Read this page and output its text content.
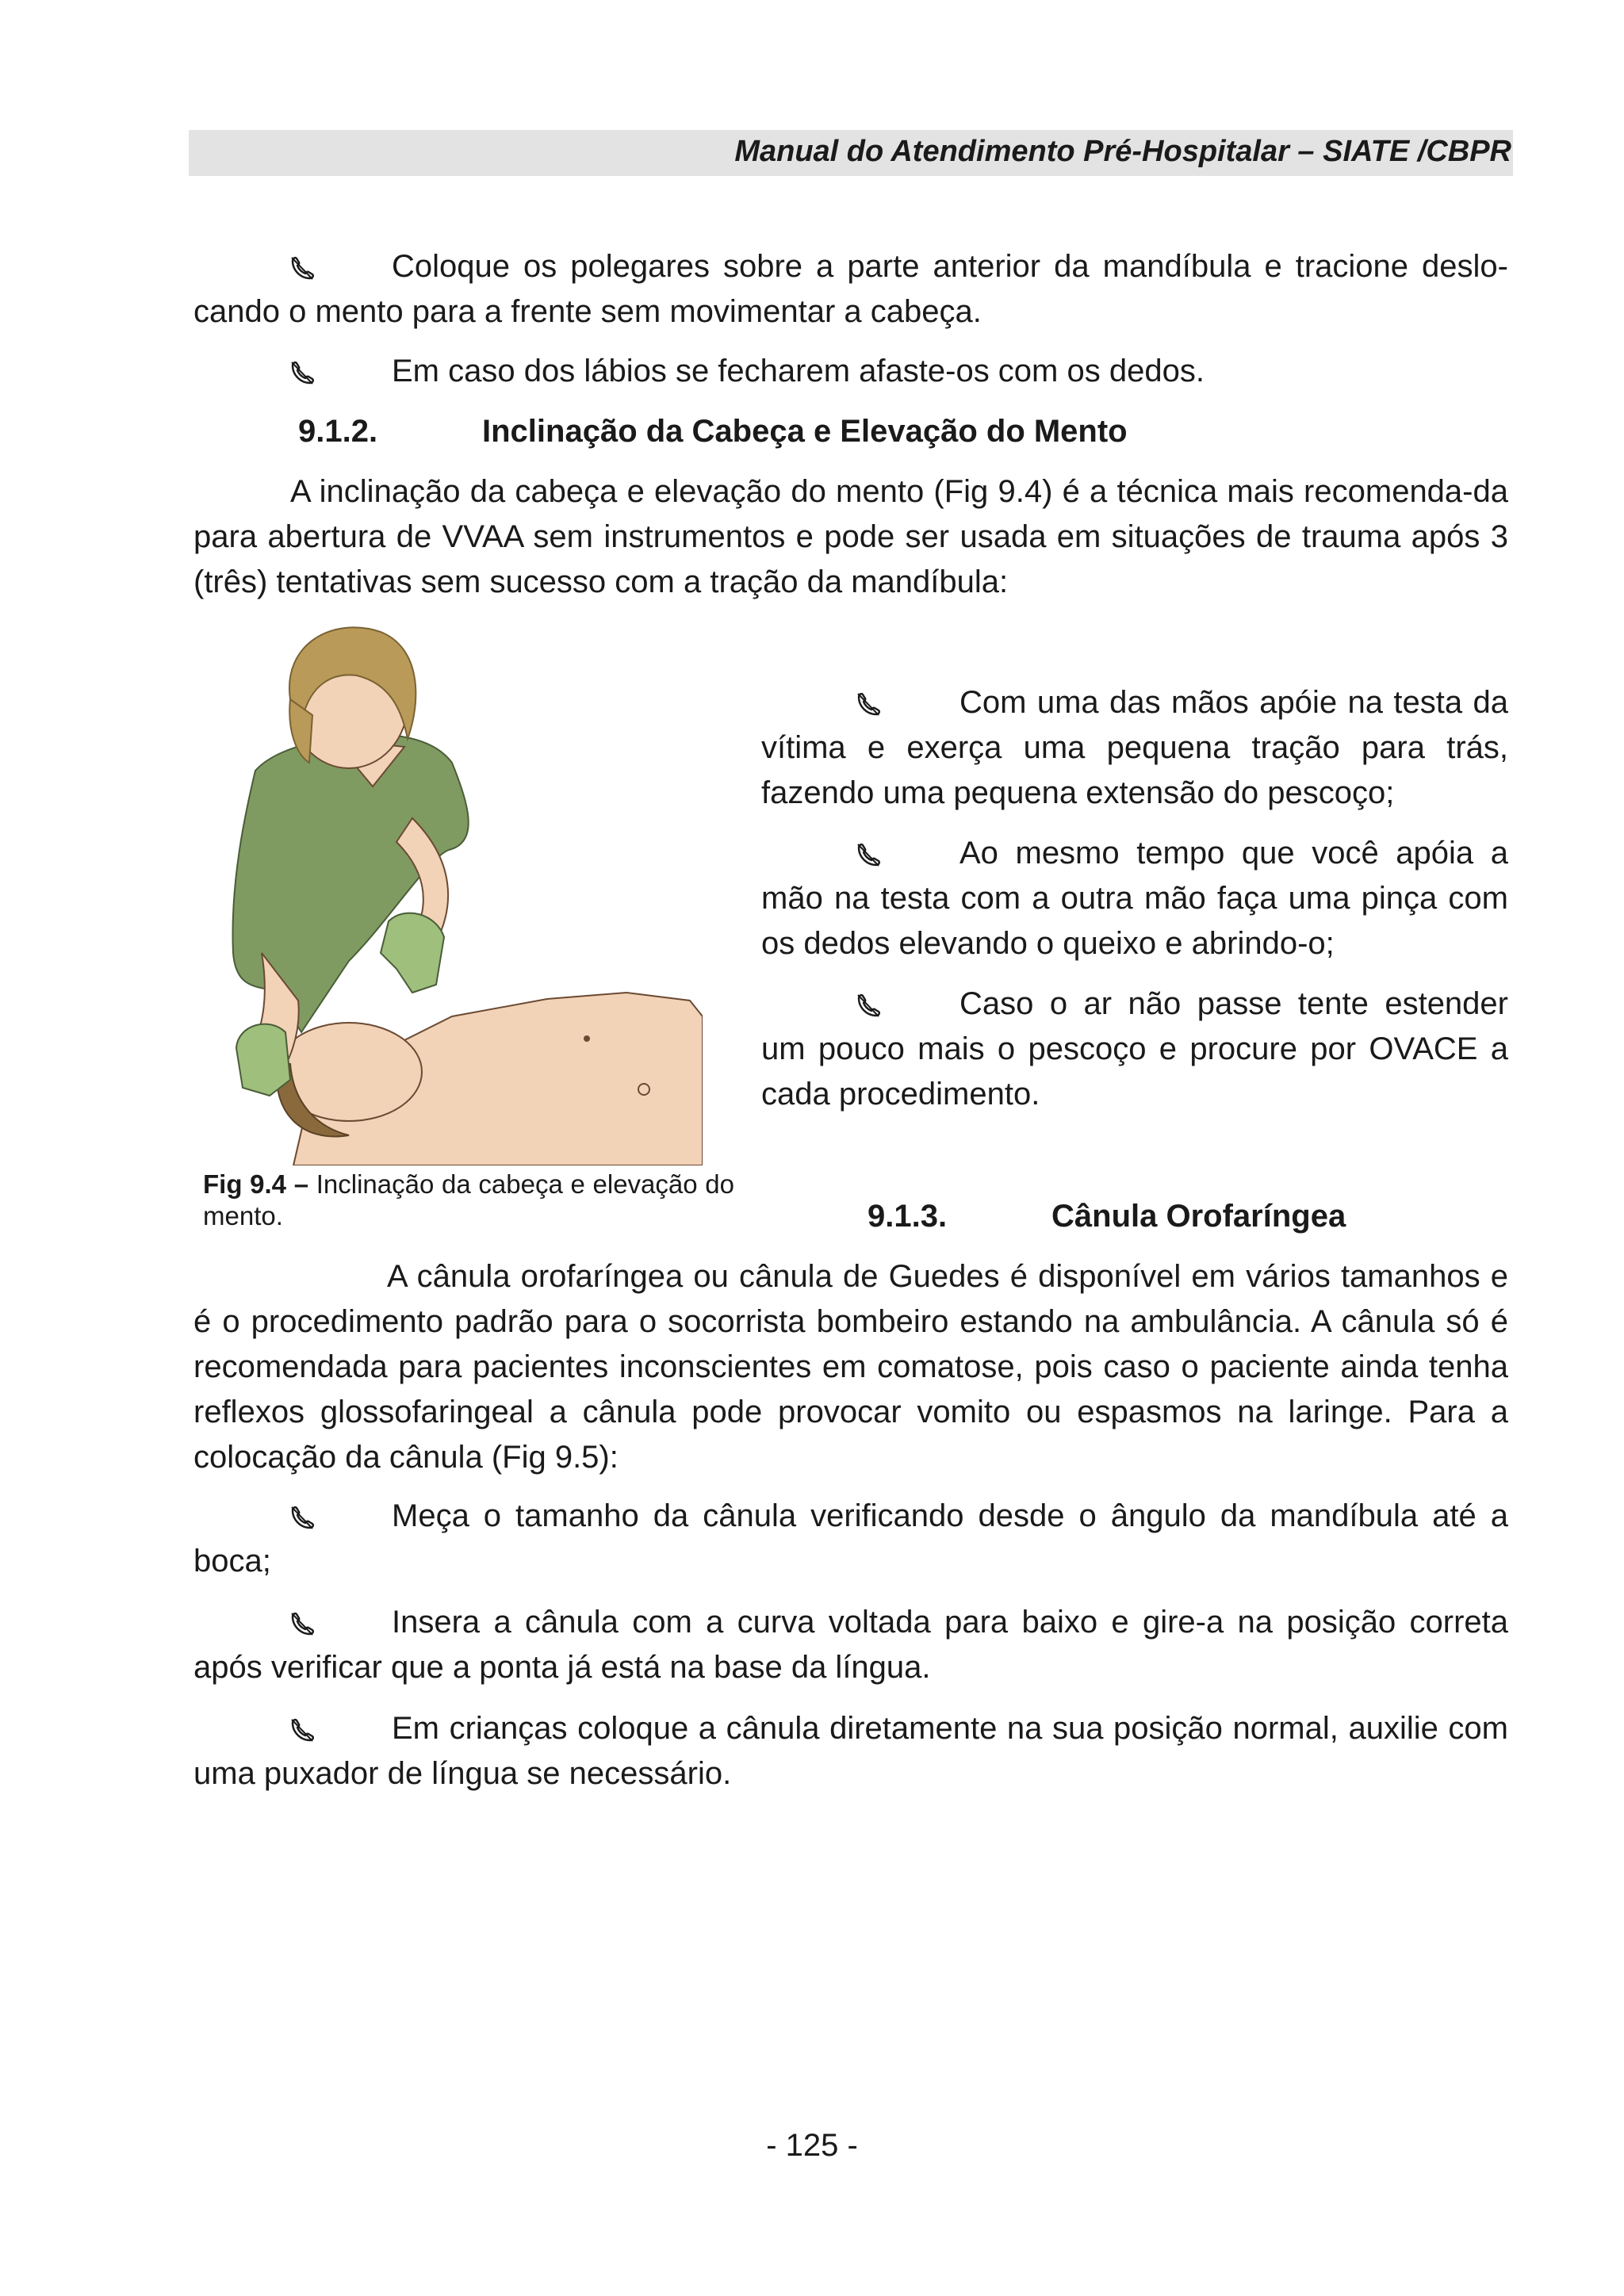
Manual do Atendimento Pré-Hospitalar – SIATE /CBPR

Coloque os polegares sobre a parte anterior da mandíbula e tracione deslo-cando o mento para a frente sem movimentar a cabeça.

Em caso dos lábios se fecharem afaste-os com os dedos.

9.1.2.	Inclinação da Cabeça e Elevação do Mento

A inclinação da cabeça e elevação do mento (Fig 9.4) é a técnica mais recomenda-da para abertura de VVAA sem instrumentos e pode ser usada em situações de trauma após 3 (três) tentativas sem sucesso com a tração da mandíbula:

Fig 9.4 – Inclinação da cabeça e elevação do mento.

Com uma das mãos apóie na testa da vítima e exerça uma pequena tração para trás, fazendo uma pequena extensão do pescoço;

Ao mesmo tempo que você apóia a mão na testa com a outra mão faça uma pinça com os dedos elevando o queixo e abrindo-o;

Caso o ar não passe tente estender um pouco mais o pescoço e procure por OVACE a cada procedimento.

9.1.3.	Cânula Orofaríngea

A cânula orofaríngea ou cânula de Guedes é disponível em vários tamanhos e é o procedimento padrão para o socorrista bombeiro estando na ambulância. A cânula só é recomendada para pacientes inconscientes em comatose, pois caso o paciente ainda tenha reflexos glossofaringeal a cânula pode provocar vomito ou espasmos na laringe. Para a colocação da cânula (Fig 9.5):

Meça o tamanho da cânula verificando desde o ângulo da mandíbula até a boca;

Insera a cânula com a curva voltada para baixo e gire-a na posição correta após verificar que a ponta já está na base da língua.

Em crianças coloque a cânula diretamente na sua posição normal, auxilie com uma puxador de língua se necessário.

- 125 -
